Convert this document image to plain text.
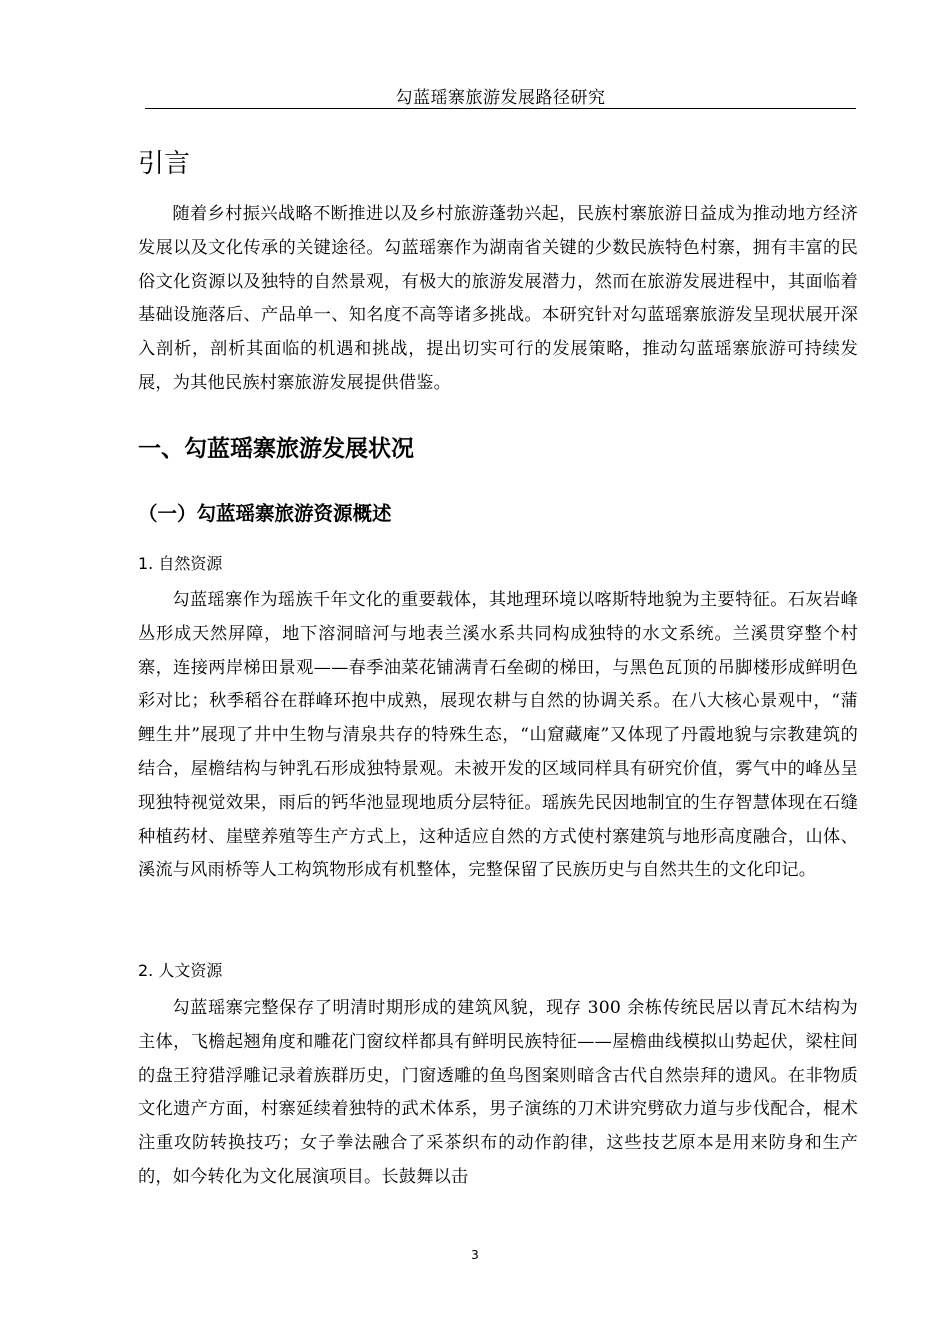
勾蓝瑶寨旅游发展路径研究
引言

随着乡村振兴战略不断推进以及乡村旅游蓬勃兴起，民族村寨旅游日益成为推动地方经济发展以及文化传承的关键途径。勾蓝瑶寨作为湖南省关键的少数民族特色村寨，拥有丰富的民俗文化资源以及独特的自然景观，有极大的旅游发展潜力，然而在旅游发展进程中，其面临着基础设施落后、产品单一、知名度不高等诸多挑战。本研究针对勾蓝瑶寨旅游发呈现状展开深入剖析，剖析其面临的机遇和挑战，提出切实可行的发展策略，推动勾蓝瑶寨旅游可持续发展，为其他民族村寨旅游发展提供借鉴。

一、勾蓝瑶寨旅游发展状况
（一）勾蓝瑶寨旅游资源概述
1. 自然资源

勾蓝瑶寨作为瑶族千年文化的重要载体，其地理环境以喀斯特地貌为主要特征。石灰岩峰丛形成天然屏障，地下溶洞暗河与地表兰溪水系共同构成独特的水文系统。兰溪贯穿整个村寨，连接两岸梯田景观——春季油菜花铺满青石垒砌的梯田，与黑色瓦顶的吊脚楼形成鲜明色彩对比；秋季稻谷在群峰环抱中成熟，展现农耕与自然的协调关系。在八大核心景观中，“蒲鲤生井”展现了井中生物与清泉共存的特殊生态，“山窟藏庵”又体现了丹霞地貌与宗教建筑的结合，屋檐结构与钟乳石形成独特景观。未被开发的区域同样具有研究价值，雾气中的峰丛呈现独特视觉效果，雨后的钙华池显现地质分层特征。瑶族先民因地制宜的生存智慧体现在石缝种植药材、崖壁养殖等生产方式上，这种适应自然的方式使村寨建筑与地形高度融合，山体、溪流与风雨桥等人工构筑物形成有机整体，完整保留了民族历史与自然共生的文化印记。

2. 人文资源

勾蓝瑶寨完整保存了明清时期形成的建筑风貌，现存 300 余栋传统民居以青瓦木结构为主体，飞檐起翘角度和雕花门窗纹样都具有鲜明民族特征——屋檐曲线模拟山势起伏，梁柱间的盘王狩猎浮雕记录着族群历史，门窗透雕的鱼鸟图案则暗含古代自然崇拜的遗风。在非物质文化遗产方面，村寨延续着独特的武术体系，男子演练的刀术讲究劈砍力道与步伐配合，棍术注重攻防转换技巧；女子拳法融合了采茶织布的动作韵律，这些技艺原本是用来防身和生产的，如今转化为文化展演项目。长鼓舞以击

3
